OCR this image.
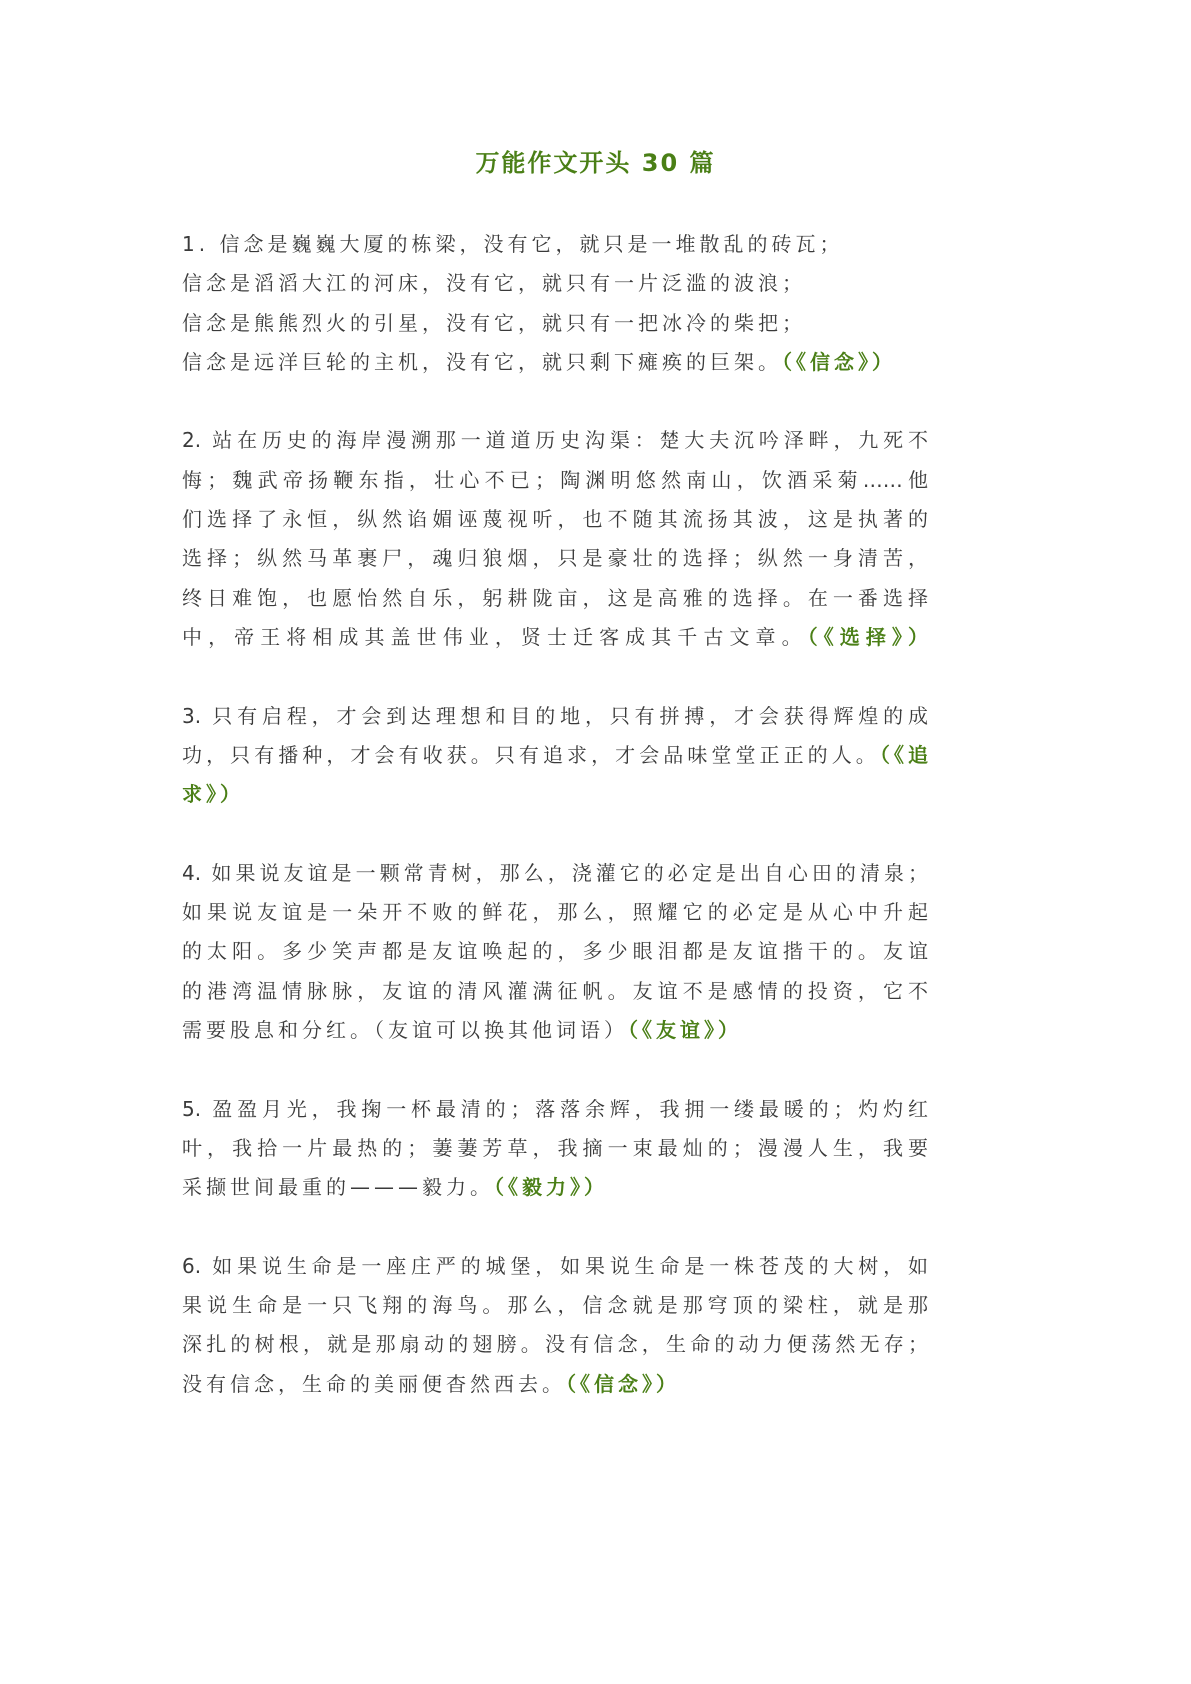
万能作文开头 30 篇
1. 信念是巍巍大厦的栋梁，没有它，就只是一堆散乱的砖瓦；
信念是滔滔大江的河床，没有它，就只有一片泛滥的波浪；
信念是熊熊烈火的引星，没有它，就只有一把冰冷的柴把；
信念是远洋巨轮的主机，没有它，就只剩下瘫痪的巨架。（《信念》）
2. 站在历史的海岸漫溯那一道道历史沟渠：楚大夫沉吟泽畔，九死不
悔；魏武帝扬鞭东指，壮心不已；陶渊明悠然南山，饮酒采菊……他
们选择了永恒，纵然谄媚诬蔑视听，也不随其流扬其波，这是执著的
选择；纵然马革裹尸，魂归狼烟，只是豪壮的选择；纵然一身清苦，
终日难饱，也愿怡然自乐，躬耕陇亩，这是高雅的选择。在一番选择
中，帝王将相成其盖世伟业，贤士迁客成其千古文章。（《选择》）
3. 只有启程，才会到达理想和目的地，只有拼搏，才会获得辉煌的成
功，只有播种，才会有收获。只有追求，才会品味堂堂正正的人。（《追
求》）
4. 如果说友谊是一颗常青树，那么，浇灌它的必定是出自心田的清泉；
如果说友谊是一朵开不败的鲜花，那么，照耀它的必定是从心中升起
的太阳。多少笑声都是友谊唤起的，多少眼泪都是友谊揩干的。友谊
的港湾温情脉脉，友谊的清风灌满征帆。友谊不是感情的投资，它不
需要股息和分红。（友谊可以换其他词语）（《友谊》）
5. 盈盈月光，我掬一杯最清的；落落余辉，我拥一缕最暖的；灼灼红
叶，我拾一片最热的；萋萋芳草，我摘一束最灿的；漫漫人生，我要
采撷世间最重的———毅力。（《毅力》）
6. 如果说生命是一座庄严的城堡，如果说生命是一株苍茂的大树，如
果说生命是一只飞翔的海鸟。那么，信念就是那穹顶的梁柱，就是那
深扎的树根，就是那扇动的翅膀。没有信念，生命的动力便荡然无存；
没有信念，生命的美丽便杳然西去。（《信念》）
